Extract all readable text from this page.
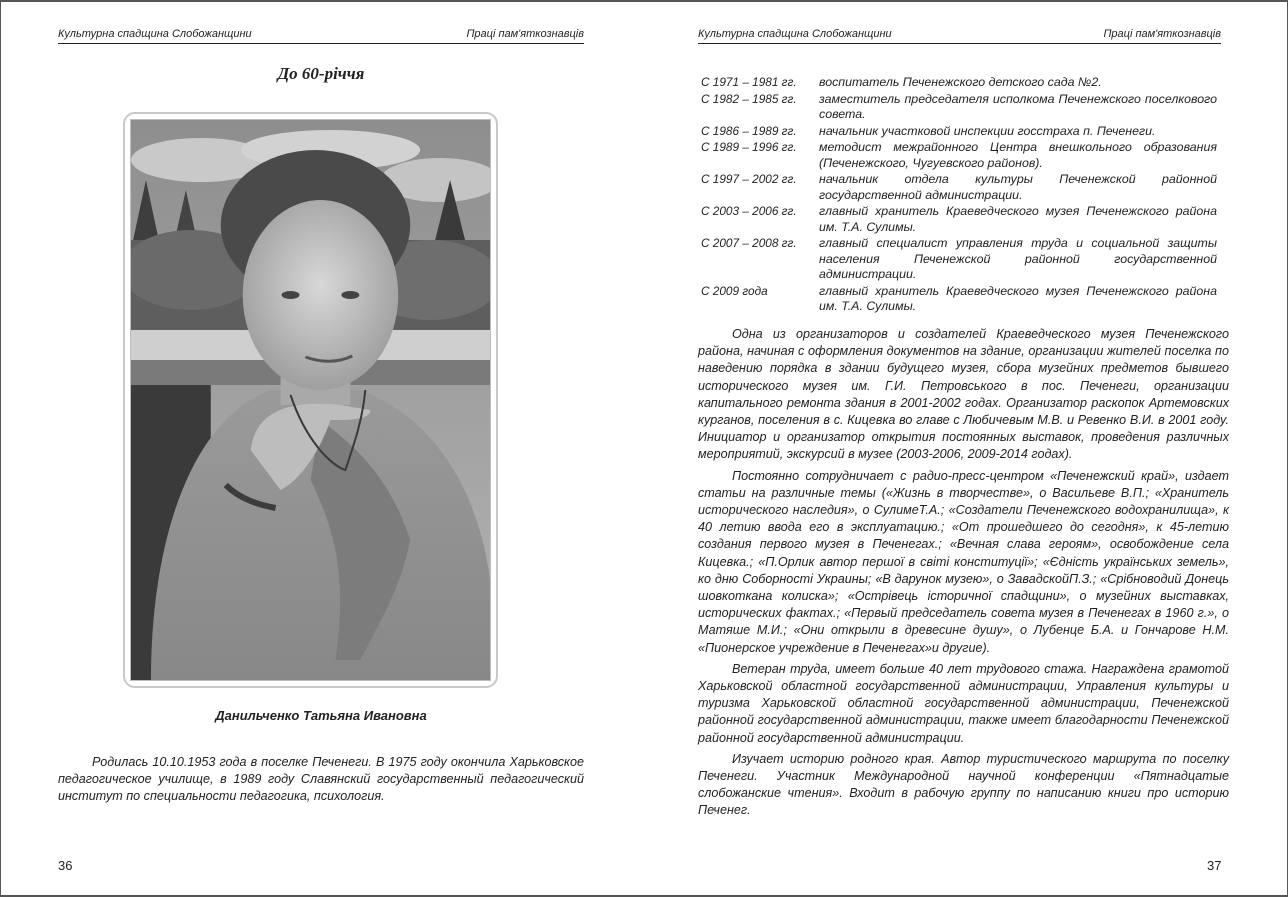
Культурна спадщина Слобожанщини	Праці пам'яткознавців
До 60-річчя
Данильченко Татьяна Ивановна

Родилась 10.10.1953 года в поселке Печенеги. В 1975 году окончила Харьковское педагогическое училище, в 1989 году Славянский государственный педагогический институт по специальности педагогика, психология.

36
Культурна спадщина Слобожанщини	Праці пам'яткознавців
С 1971 – 1981 гг.	воспитатель Печенежского детского сада №2.
С 1982 – 1985 гг.	заместитель председателя исполкома Печенежского поселкового совета.
С 1986 – 1989 гг.	начальник участковой инспекции госстраха п. Печенеги.
С 1989 – 1996 гг.	методист межрайонного Центра внешкольного образования (Печенежского, Чугуевского районов).
С 1997 – 2002 гг.	начальник отдела культуры Печенежской районной государственной администрации.
С 2003 – 2006 гг.	главный хранитель Краеведческого музея Печенежского района им. Т.А. Сулимы.
С 2007 – 2008 гг.	главный специалист управления труда и социальной защиты населения Печенежской районной государственной администрации.
С 2009 года	главный хранитель Краеведческого музея Печенежского района им. Т.А. Сулимы.

Одна из организаторов и создателей Краеведческого музея Печенежского района, начиная с оформления документов на здание, организации жителей поселка по наведению порядка в здании будущего музея, сбора музейних предметов бывшего исторического музея им. Г.И. Петровського в пос. Печенеги, организации капитального ремонта здания в 2001-2002 годах. Организатор раскопок Артемовских курганов, поселения в с. Кицевка во главе с Любичевым М.В. и Ревенко В.И. в 2001 году. Инициатор и организатор открытия постоянных выставок, проведения различных мероприятий, экскурсий в музее (2003-2006, 2009-2014 годах).

Постоянно сотрудничает с радио-пресс-центром «Печенежский край», издает статьи на различные темы («Жизнь в творчестве», о Васильеве В.П.; «Хранитель исторического наследия», о СулимеТ.А.; «Создатели Печенежского водохранилища», к 40 летию ввода его в эксплуатацию.; «От прошедшего до сегодня», к 45-летию создания первого музея в Печенегах.; «Вечная слава героям», освобождение села Кицевка.; «П.Орлик автор першої в світі конституції»; «Єдність українських земель», ко дню Соборності Украины; «В дарунок музею», о ЗавадскойП.З.; «Срібноводий Донець шовкоткана колиска»; «Острівець історичної спадщини», о музейних выставках, исторических фактах.; «Первый председатель совета музея в Печенегах в 1960 г.», о Матяше М.И.; «Они открыли в древесине душу», о Лубенце Б.А. и Гончарове Н.М. «Пионерское учреждение в Печенегах»и другие).

Ветеран труда, имеет больше 40 лет трудового стажа. Награждена грамотой Харьковской областной государственной администрации, Управления культуры и туризма Харьковской областной государственной администрации, Печенежской районной государственной администрации, также имеет благодарности Печенежской районной государственной администрации.

Изучает историю родного края. Автор туристического маршрута по поселку Печенеги. Участник Международной научной конференции «Пятнадцатые слобожанские чтения». Входит в рабочую группу по написанию книги про историю Печенег.

37
